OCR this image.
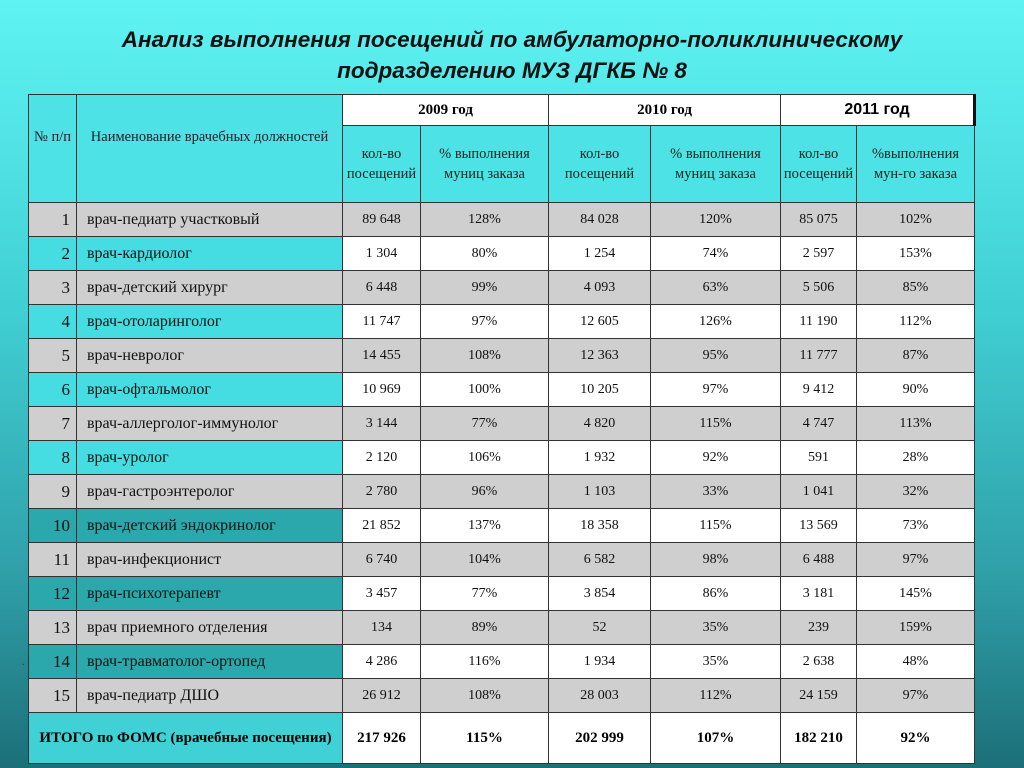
Анализ выполнения посещений по амбулаторно-поликлиническому
подразделению МУЗ ДГКБ № 8
.
№ п/п	Наименование врачебных должностей	2009 год		2010 год		2011 год	
		кол-во посещений	% выполнения муниц заказа	кол-во посещений	% выполнения муниц заказа	кол-во посещений	%выполнения мун-го заказа
1	врач-педиатр участковый	89 648	128%	84 028	120%	85 075	102%
2	врач-кардиолог	1 304	80%	1 254	74%	2 597	153%
3	врач-детский хирург	6 448	99%	4 093	63%	5 506	85%
4	врач-отоларинголог	11 747	97%	12 605	126%	11 190	112%
5	врач-невролог	14 455	108%	12 363	95%	11 777	87%
6	врач-офтальмолог	10 969	100%	10 205	97%	9 412	90%
7	врач-аллерголог-иммунолог	3 144	77%	4 820	115%	4 747	113%
8	врач-уролог	2 120	106%	1 932	92%	591	28%
9	врач-гастроэнтеролог	2 780	96%	1 103	33%	1 041	32%
10	врач-детский эндокринолог	21 852	137%	18 358	115%	13 569	73%
11	врач-инфекционист	6 740	104%	6 582	98%	6 488	97%
12	врач-психотерапевт	3 457	77%	3 854	86%	3 181	145%
13	врач приемного отделения	134	89%	52	35%	239	159%
14	врач-травматолог-ортопед	4 286	116%	1 934	35%	2 638	48%
15	врач-педиатр ДШО	26 912	108%	28 003	112%	24 159	97%
ИТОГО по ФОМС (врачебные посещения)		217 926	115%	202 999	107%	182 210	92%
